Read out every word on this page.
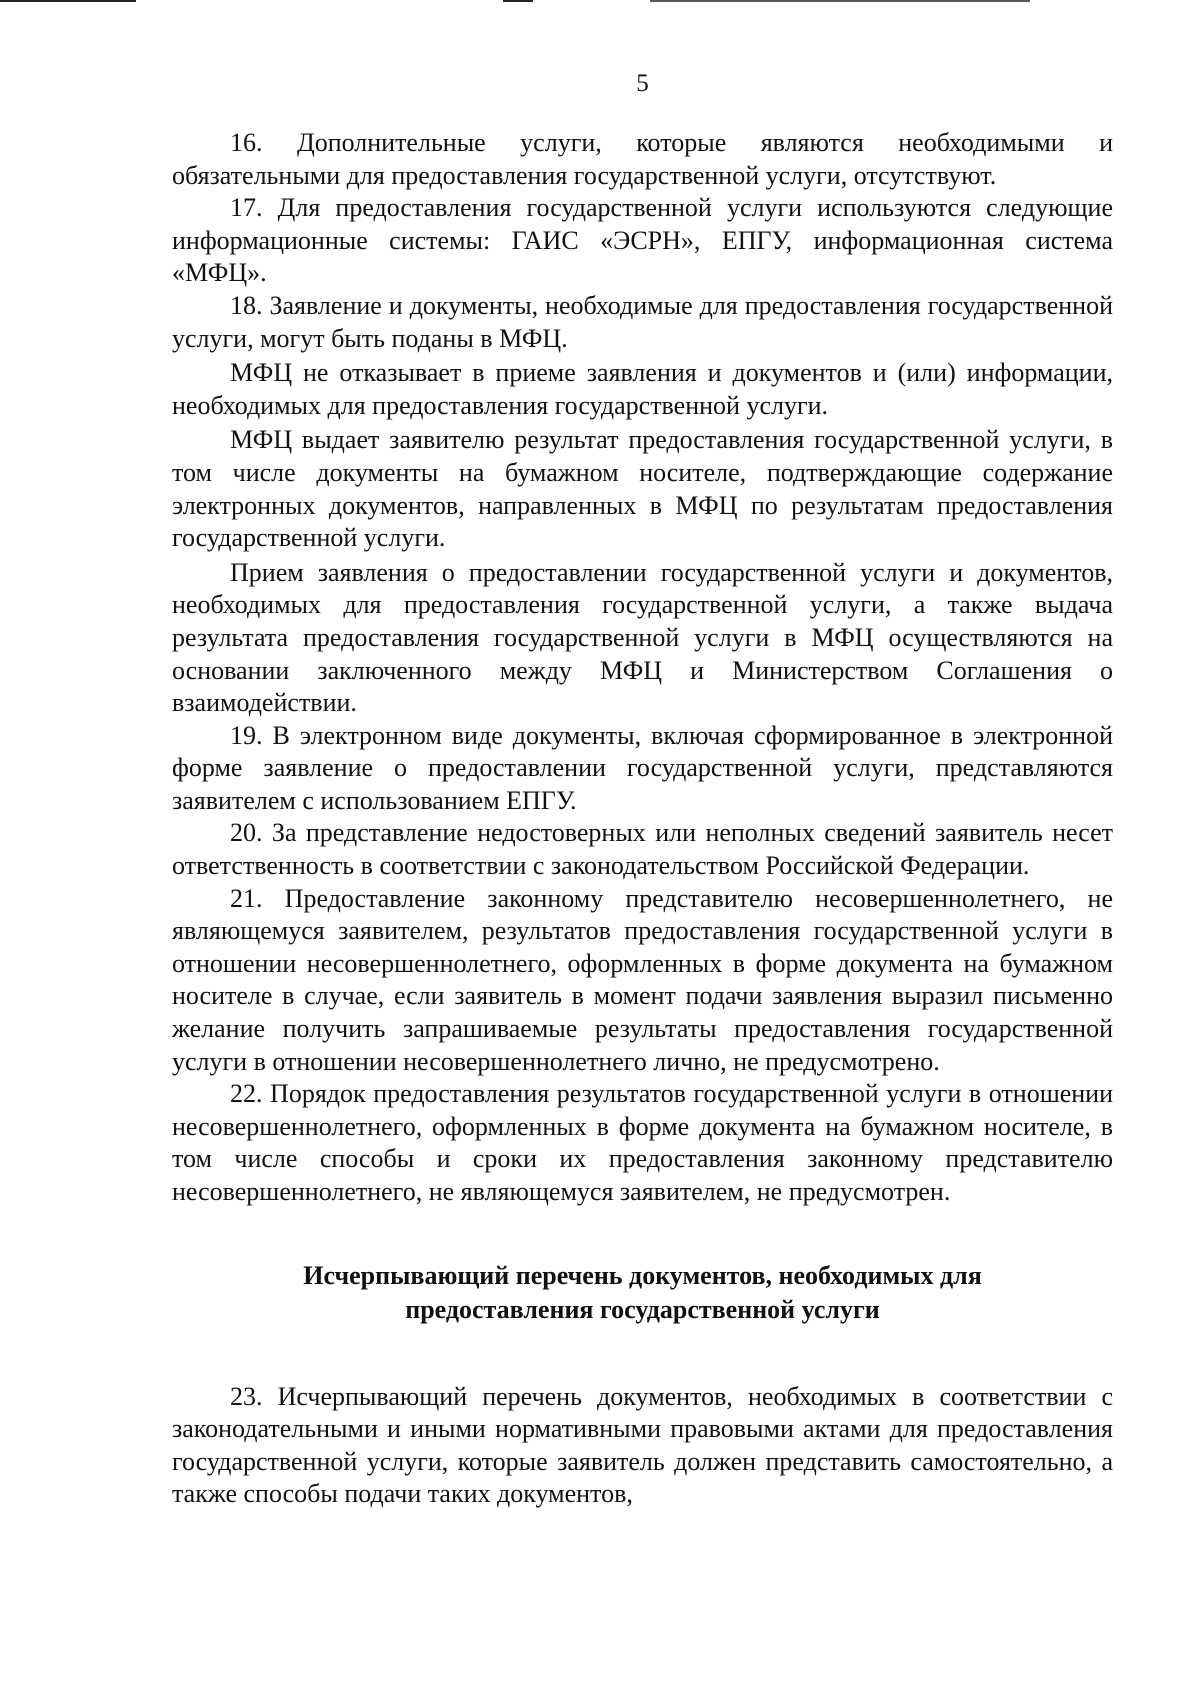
5

16. Дополнительные услуги, которые являются необходимыми и обязательными для предоставления государственной услуги, отсутствуют.

17. Для предоставления государственной услуги используются следующие информационные системы: ГАИС «ЭСРН», ЕПГУ, информационная система «МФЦ».

18. Заявление и документы, необходимые для предоставления государственной услуги, могут быть поданы в МФЦ.

МФЦ не отказывает в приеме заявления и документов и (или) информации, необходимых для предоставления государственной услуги.

МФЦ выдает заявителю результат предоставления государственной услуги, в том числе документы на бумажном носителе, подтверждающие содержание электронных документов, направленных в МФЦ по результатам предоставления государственной услуги.

Прием заявления о предоставлении государственной услуги и документов, необходимых для предоставления государственной услуги, а также выдача результата предоставления государственной услуги в МФЦ осуществляются на основании заключенного между МФЦ и Министерством Соглашения о взаимодействии.

19. В электронном виде документы, включая сформированное в электронной форме заявление о предоставлении государственной услуги, представляются заявителем с использованием ЕПГУ.

20. За представление недостоверных или неполных сведений заявитель несет ответственность в соответствии с законодательством Российской Федерации.

21. Предоставление законному представителю несовершеннолетнего, не являющемуся заявителем, результатов предоставления государственной услуги в отношении несовершеннолетнего, оформленных в форме документа на бумажном носителе в случае, если заявитель в момент подачи заявления выразил письменно желание получить запрашиваемые результаты предоставления государственной услуги в отношении несовершеннолетнего лично, не предусмотрено.

22. Порядок предоставления результатов государственной услуги в отношении несовершеннолетнего, оформленных в форме документа на бумажном носителе, в том числе способы и сроки их предоставления законному представителю несовершеннолетнего, не являющемуся заявителем, не предусмотрен.

Исчерпывающий перечень документов, необходимых для
предоставления государственной услуги

23. Исчерпывающий перечень документов, необходимых в соответствии с законодательными и иными нормативными правовыми актами для предоставления государственной услуги, которые заявитель должен представить самостоятельно, а также способы подачи таких документов,
